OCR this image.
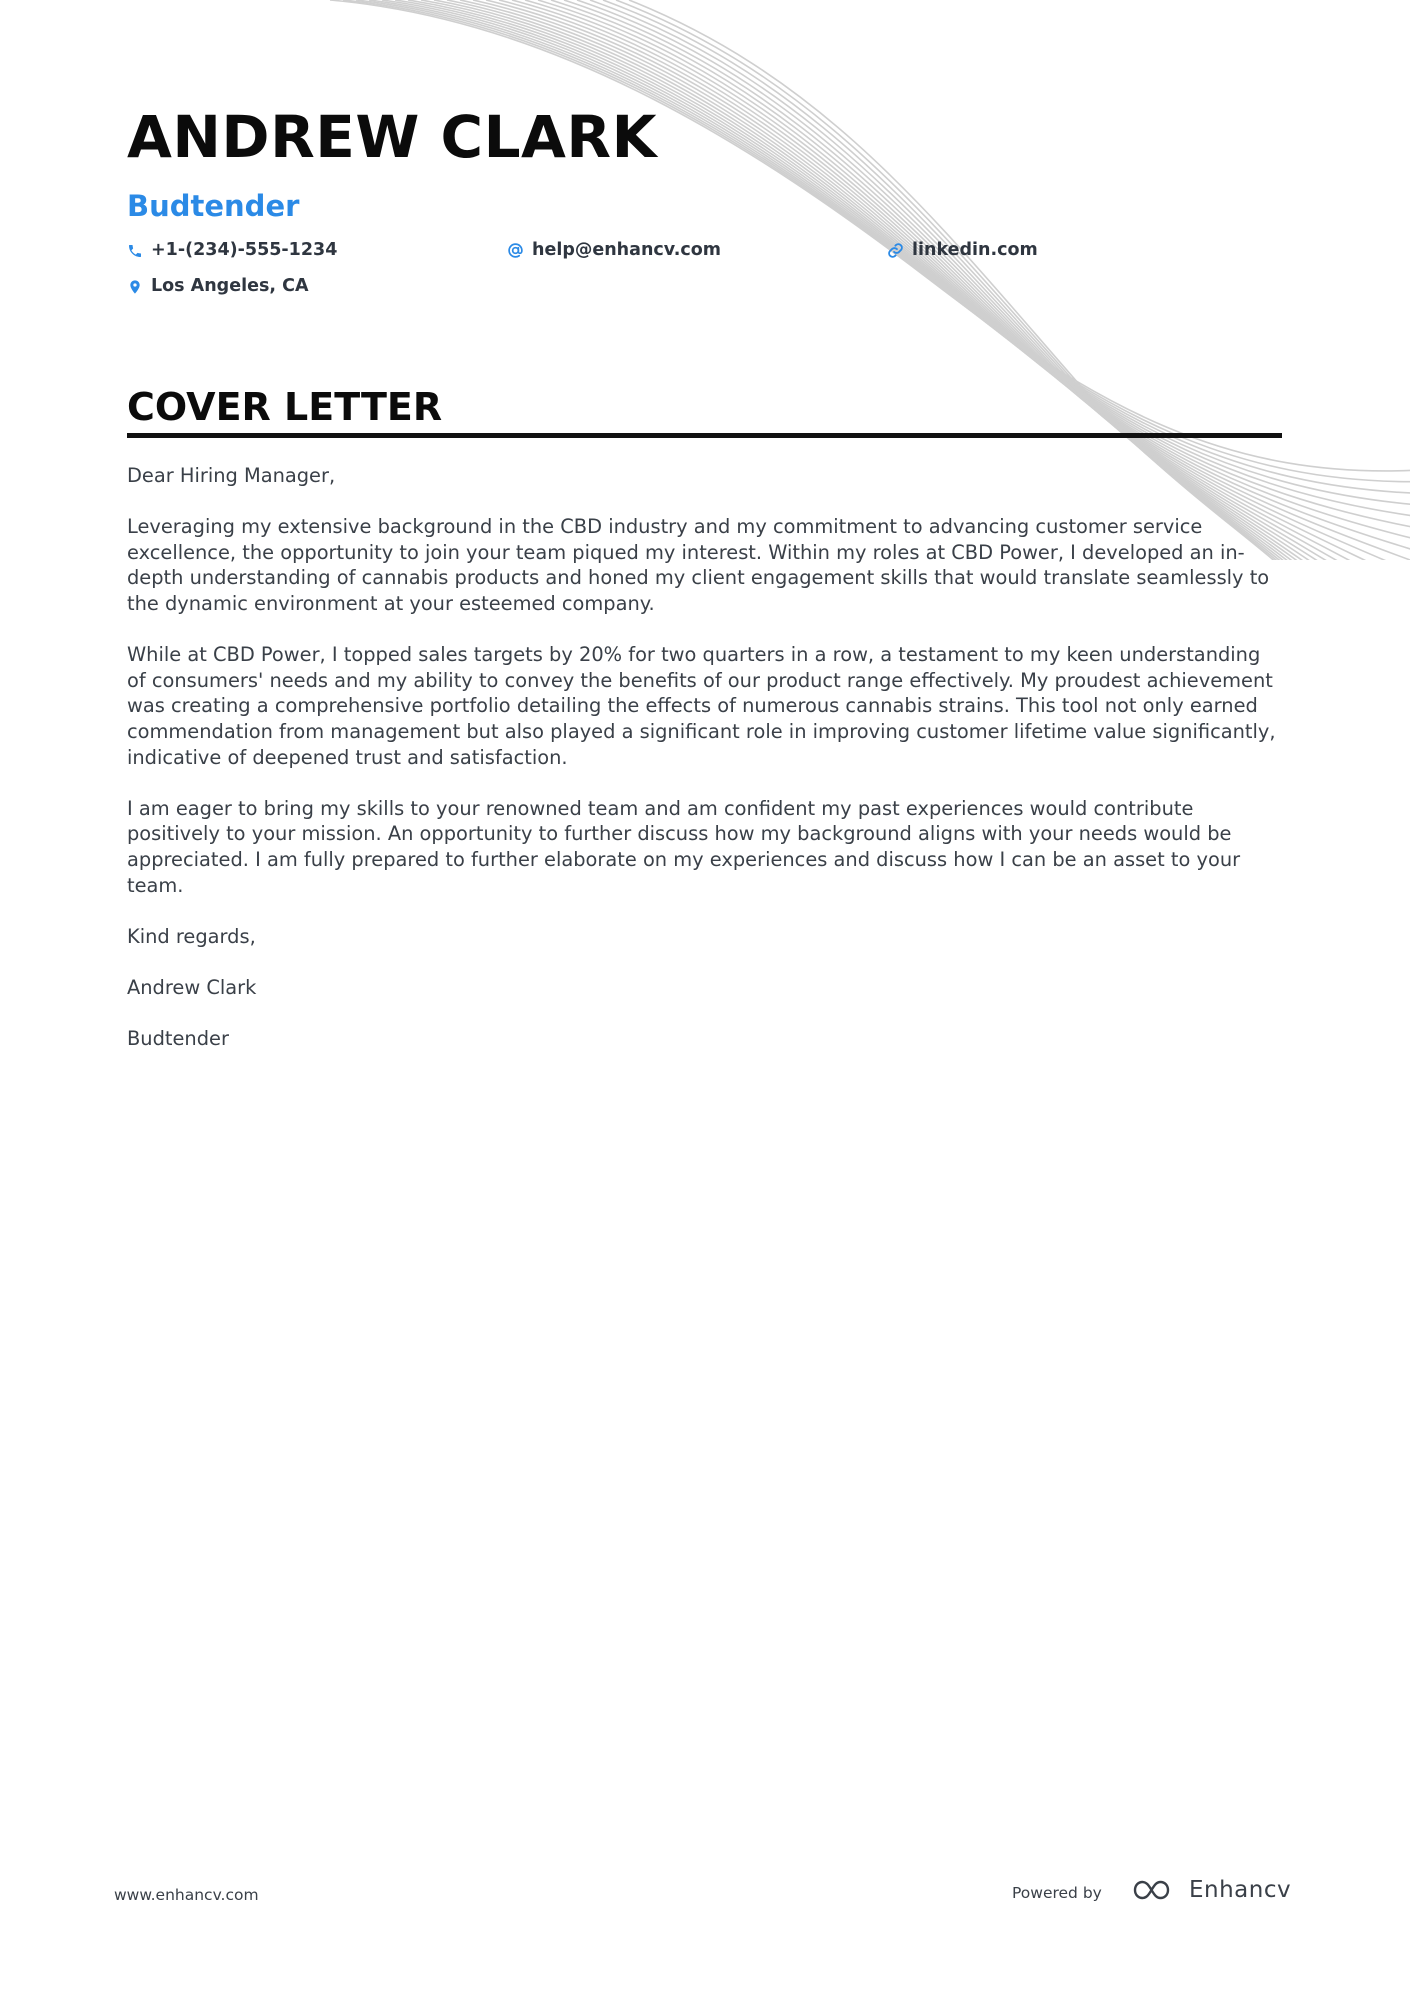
ANDREW CLARK
Budtender
+1-(234)-555-1234	help@enhancv.com	linkedin.com
Los Angeles, CA
COVER LETTER

Dear Hiring Manager,

Leveraging my extensive background in the CBD industry and my commitment to advancing customer service excellence, the opportunity to join your team piqued my interest. Within my roles at CBD Power, I developed an in-depth understanding of cannabis products and honed my client engagement skills that would translate seamlessly to the dynamic environment at your esteemed company.

While at CBD Power, I topped sales targets by 20% for two quarters in a row, a testament to my keen understanding of consumers' needs and my ability to convey the benefits of our product range effectively. My proudest achievement was creating a comprehensive portfolio detailing the effects of numerous cannabis strains. This tool not only earned commendation from management but also played a significant role in improving customer lifetime value significantly, indicative of deepened trust and satisfaction.

I am eager to bring my skills to your renowned team and am confident my past experiences would contribute positively to your mission. An opportunity to further discuss how my background aligns with your needs would be appreciated. I am fully prepared to further elaborate on my experiences and discuss how I can be an asset to your team.

Kind regards,

Andrew Clark

Budtender

www.enhancv.com	Powered by	Enhancv
